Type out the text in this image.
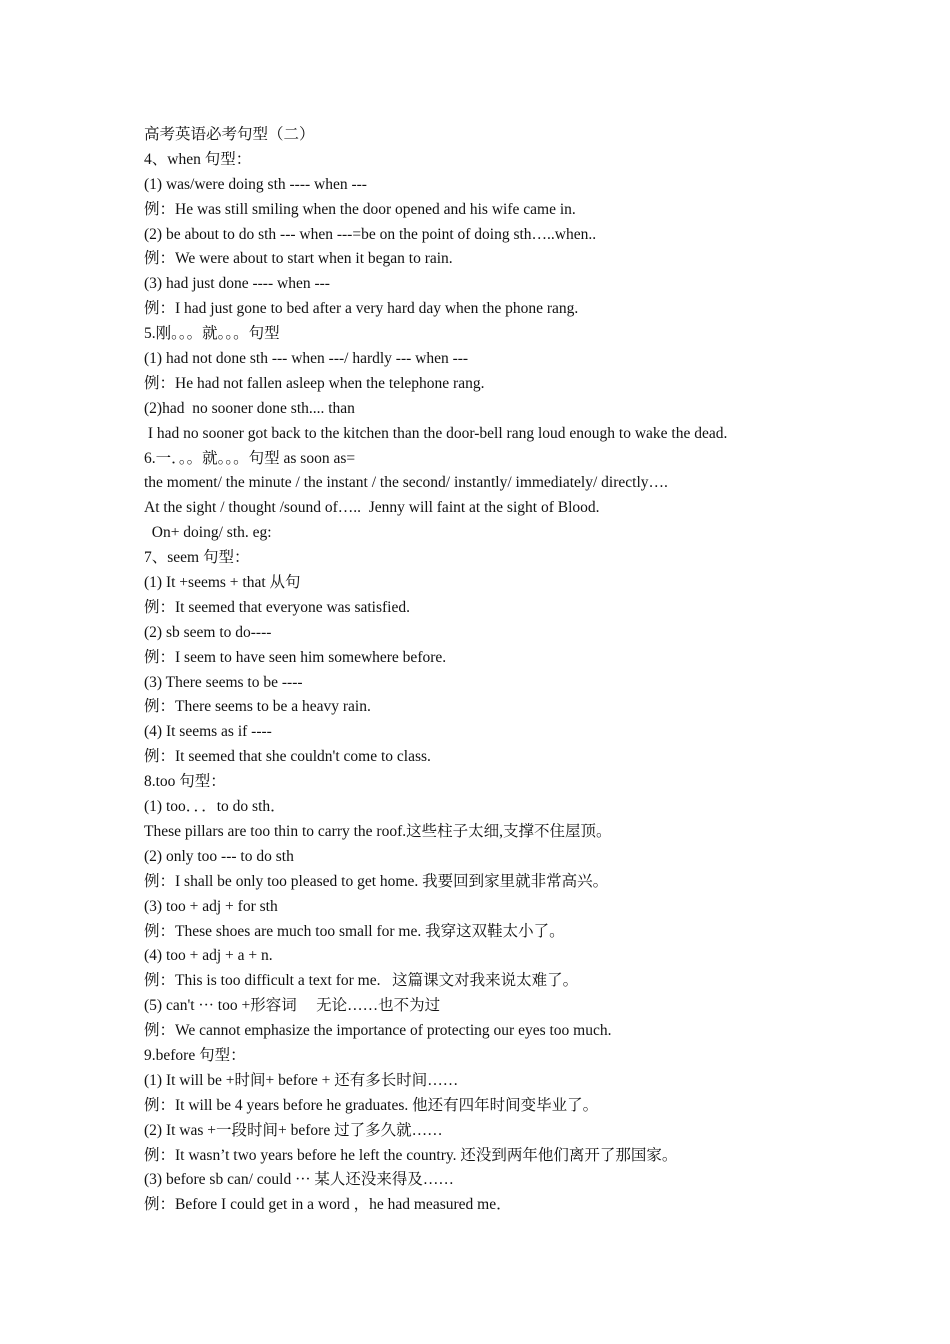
高考英语必考句型（二）
4、when 句型：
(1) was/were doing sth ---- when ---
例：He was still smiling when the door opened and his wife came in.
(2) be about to do sth --- when ---=be on the point of doing sth…..when..
例：We were about to start when it began to rain.
(3) had just done ---- when ---
例：I had just gone to bed after a very hard day when the phone rang.
5.刚。。。就。。。句型
(1) had not done sth --- when ---/ hardly --- when ---
例：He had not fallen asleep when the telephone rang.
(2)had  no sooner done sth.... than
I had no sooner got back to the kitchen than the door-bell rang loud enough to wake the dead.
6.一．。。就。。。句型 as soon as=
the moment/ the minute / the instant / the second/ instantly/ immediately/ directly….
At the sight / thought /sound of…..  Jenny will faint at the sight of Blood.
On+ doing/ sth. eg:
7、seem 句型：
(1) It +seems + that 从句
例：It seemed that everyone was satisfied.
(2) sb seem to do----
例：I seem to have seen him somewhere before.
(3) There seems to be ----
例：There seems to be a heavy rain.
(4) It seems as if ----
例：It seemed that she couldn't come to class.
8.too 句型：
(1) too．．．to do sth．
These pillars are too thin to carry the roof.这些柱子太细,支撑不住屋顶。
(2) only too --- to do sth
例：I shall be only too pleased to get home. 我要回到家里就非常高兴。
(3) too + adj + for sth
例：These shoes are much too small for me. 我穿这双鞋太小了。
(4) too + adj + a + n.
例：This is too difficult a text for me.   这篇课文对我来说太难了。
(5) can't ··· too +形容词     无论……也不为过
例：We cannot emphasize the importance of protecting our eyes too much.
9.before 句型：
(1) It will be +时间+ before + 还有多长时间……
例：It will be 4 years before he graduates. 他还有四年时间变毕业了。
(2) It was +一段时间+ before 过了多久就……
例：It wasn’t two years before he left the country. 还没到两年他们离开了那国家。
(3) before sb can/ could ··· 某人还没来得及……
例：Before I could get in a word ，he had measured me．
